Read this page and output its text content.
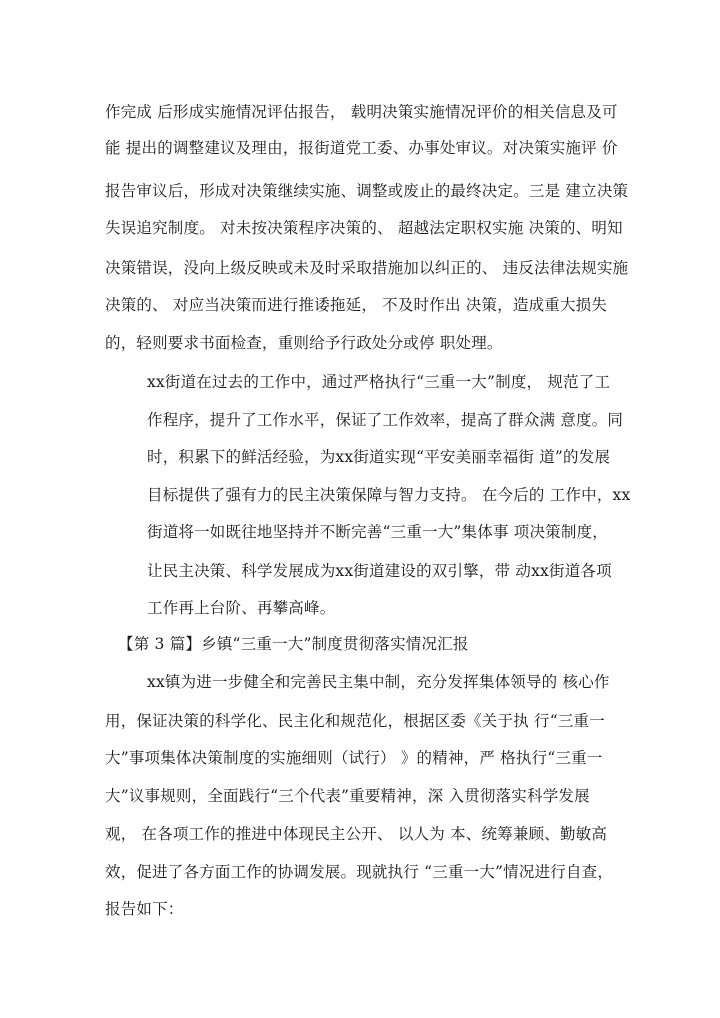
作完成 后形成实施情况评估报告， 载明决策实施情况评价的相关信息及可
能 提出的调整建议及理由，报街道党工委、办事处审议。对决策实施评 价
报告审议后，形成对决策继续实施、调整或废止的最终决定。三是 建立决策
失误追究制度。 对未按决策程序决策的、 超越法定职权实施 决策的、明知
决策错误，没向上级反映或未及时采取措施加以纠正的、 违反法律法规实施
决策的、 对应当决策而进行推诿拖延， 不及时作出 决策，造成重大损失
的，轻则要求书面检查，重则给予行政处分或停 职处理。
xx街道在过去的工作中，通过严格执行“三重一大”制度， 规范了工
作程序，提升了工作水平，保证了工作效率，提高了群众满 意度。同
时，积累下的鲜活经验，为xx街道实现“平安美丽幸福街 道”的发展
目标提供了强有力的民主决策保障与智力支持。 在今后的 工作中，xx
街道将一如既往地坚持并不断完善“三重一大”集体事 项决策制度，
让民主决策、科学发展成为xx街道建设的双引擎，带 动xx街道各项
工作再上台阶、再攀高峰。
【第 3 篇】乡镇“三重一大”制度贯彻落实情况汇报
xx镇为进一步健全和完善民主集中制，充分发挥集体领导的 核心作
用，保证决策的科学化、民主化和规范化，根据区委《关于执 行“三重一
大”事项集体决策制度的实施细则（试行） 》的精神，严 格执行“三重一
大”议事规则，全面践行“三个代表”重要精神，深 入贯彻落实科学发展
观， 在各项工作的推进中体现民主公开、 以人为 本、统筹兼顾、勤敏高
效，促进了各方面工作的协调发展。现就执行 “三重一大”情况进行自查，
报告如下：
